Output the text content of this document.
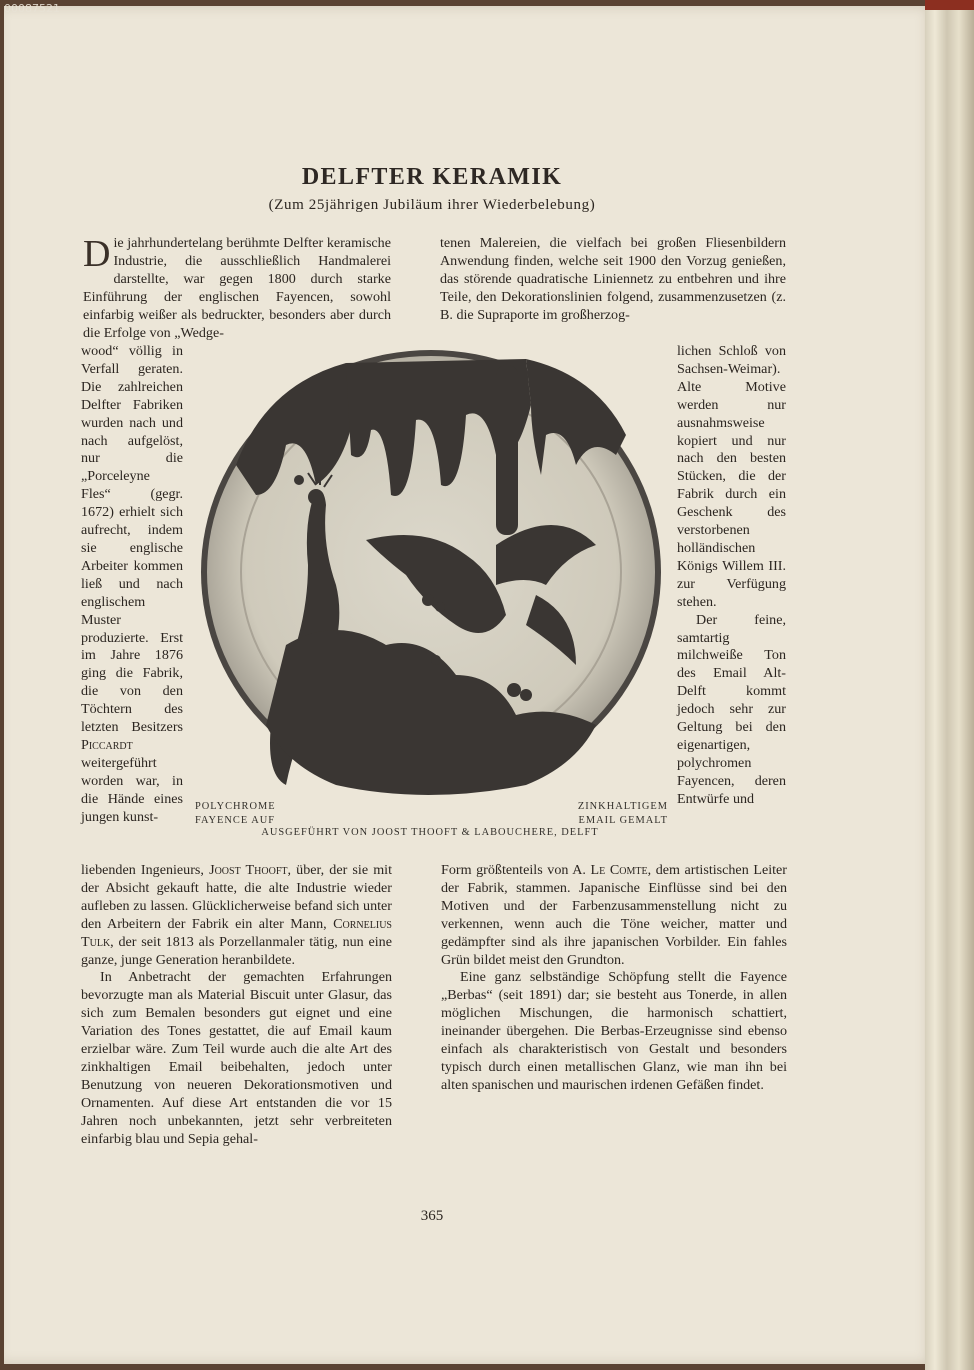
00087521
DELFTER KERAMIK
(Zum 25jährigen Jubiläum ihrer Wiederbelebung)

Die jahrhundertelang berühmte Delfter keramische Industrie, die ausschließlich Handmalerei darstellte, war gegen 1800 durch starke Einführung der englischen Fayencen, sowohl einfarbig weißer als bedruckter, besonders aber durch die Erfolge von „Wedge-

wood“ völlig in Verfall geraten. Die zahlreichen Delfter Fabriken wurden nach und nach aufgelöst, nur die „Porceleyne Fles“ (gegr. 1672) erhielt sich aufrecht, indem sie englische Arbeiter kommen ließ und nach englischem Muster produzierte. Erst im Jahre 1876 ging die Fabrik, die von den Töchtern des letzten Besitzers Piccardt weitergeführt worden war, in die Hände eines jungen kunst-

liebenden Ingenieurs, Joost Thooft, über, der sie mit der Absicht gekauft hatte, die alte Industrie wieder aufleben zu lassen. Glücklicherweise befand sich unter den Arbeitern der Fabrik ein alter Mann, Cornelius Tulk, der seit 1813 als Porzellanmaler tätig, nun eine ganze, junge Generation heranbildete.

In Anbetracht der gemachten Erfahrungen bevorzugte man als Material Biscuit unter Glasur, das sich zum Bemalen besonders gut eignet und eine Variation des Tones gestattet, die auf Email kaum erzielbar wäre. Zum Teil wurde auch die alte Art des zinkhaltigen Email beibehalten, jedoch unter Benutzung von neueren Dekorationsmotiven und Ornamenten. Auf diese Art entstanden die vor 15 Jahren noch unbekannten, jetzt sehr verbreiteten einfarbig blau und Sepia gehal-

tenen Malereien, die vielfach bei großen Fliesenbildern Anwendung finden, welche seit 1900 den Vorzug genießen, das störende quadratische Liniennetz zu entbehren und ihre Teile, den Dekorationslinien folgend, zusammenzusetzen (z. B. die Supraporte im großherzog-

lichen Schloß von Sachsen-Weimar). Alte Motive werden nur ausnahmsweise kopiert und nur nach den besten Stücken, die der Fabrik durch ein Geschenk des verstorbenen holländischen Königs Willem III. zur Verfügung stehen.

Der feine, samtartig milchweiße Ton des Email Alt-Delft kommt jedoch sehr zur Geltung bei den eigenartigen, polychromen Fayencen, deren Entwürfe und

Form größtenteils von A. Le Comte, dem artistischen Leiter der Fabrik, stammen. Japanische Einflüsse sind bei den Motiven und der Farbenzusammenstellung nicht zu verkennen, wenn auch die Töne weicher, matter und gedämpfter sind als ihre japanischen Vorbilder. Ein fahles Grün bildet meist den Grundton.

Eine ganz selbständige Schöpfung stellt die Fayence „Berbas“ (seit 1891) dar; sie besteht aus Tonerde, in allen möglichen Mischungen, die harmonisch schattiert, ineinander übergehen. Die Berbas-Erzeugnisse sind ebenso einfach als charakteristisch von Gestalt und besonders typisch durch einen metallischen Glanz, wie man ihn bei alten spanischen und maurischen irdenen Gefäßen findet.

POLYCHROME
FAYENCE AUF
ZINKHALTIGEM
EMAIL GEMALT
AUSGEFÜHRT VON JOOST THOOFT & LABOUCHERE, DELFT
365
